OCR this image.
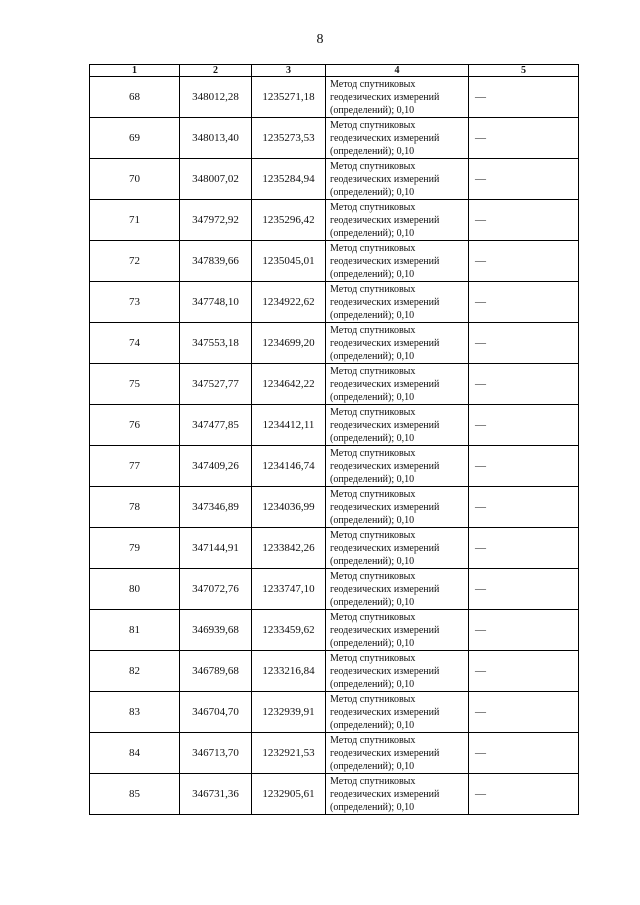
8
1	2	3	4	5
68	348012,28	1235271,18	Метод спутниковых
геодезических измерений
(определений); 0,10	—
69	348013,40	1235273,53	Метод спутниковых
геодезических измерений
(определений); 0,10	—
70	348007,02	1235284,94	Метод спутниковых
геодезических измерений
(определений); 0,10	—
71	347972,92	1235296,42	Метод спутниковых
геодезических измерений
(определений); 0,10	—
72	347839,66	1235045,01	Метод спутниковых
геодезических измерений
(определений); 0,10	—
73	347748,10	1234922,62	Метод спутниковых
геодезических измерений
(определений); 0,10	—
74	347553,18	1234699,20	Метод спутниковых
геодезических измерений
(определений); 0,10	—
75	347527,77	1234642,22	Метод спутниковых
геодезических измерений
(определений); 0,10	—
76	347477,85	1234412,11	Метод спутниковых
геодезических измерений
(определений); 0,10	—
77	347409,26	1234146,74	Метод спутниковых
геодезических измерений
(определений); 0,10	—
78	347346,89	1234036,99	Метод спутниковых
геодезических измерений
(определений); 0,10	—
79	347144,91	1233842,26	Метод спутниковых
геодезических измерений
(определений); 0,10	—
80	347072,76	1233747,10	Метод спутниковых
геодезических измерений
(определений); 0,10	—
81	346939,68	1233459,62	Метод спутниковых
геодезических измерений
(определений); 0,10	—
82	346789,68	1233216,84	Метод спутниковых
геодезических измерений
(определений); 0,10	—
83	346704,70	1232939,91	Метод спутниковых
геодезических измерений
(определений); 0,10	—
84	346713,70	1232921,53	Метод спутниковых
геодезических измерений
(определений); 0,10	—
85	346731,36	1232905,61	Метод спутниковых
геодезических измерений
(определений); 0,10	—
